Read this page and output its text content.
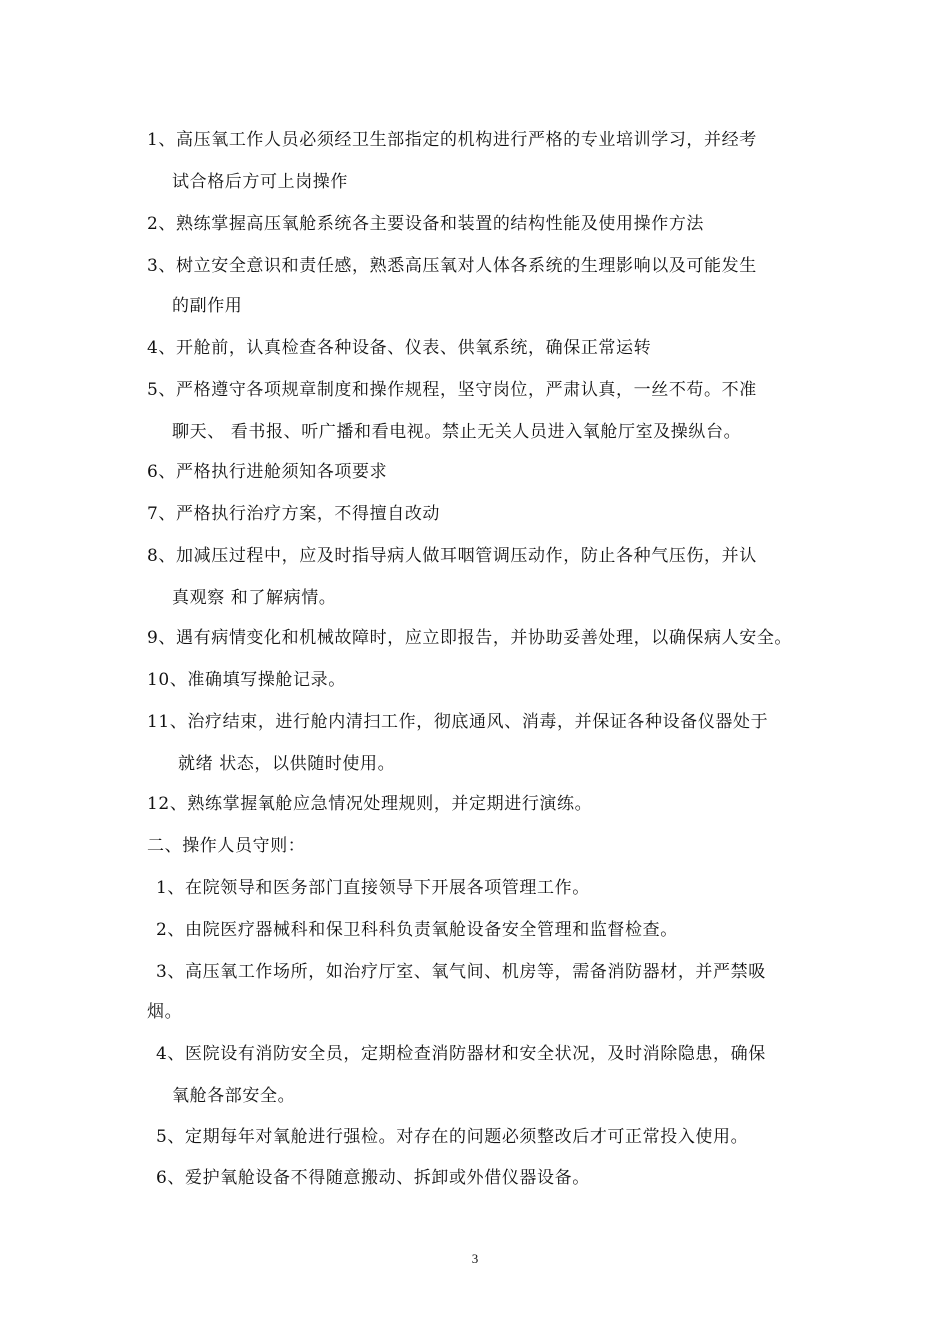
1、高压氧工作人员必须经卫生部指定的机构进行严格的专业培训学习，并经考
试合格后方可上岗操作
2、熟练掌握高压氧舱系统各主要设备和装置的结构性能及使用操作方法
3、树立安全意识和责任感，熟悉高压氧对人体各系统的生理影响以及可能发生
的副作用
4、开舱前，认真检查各种设备、仪表、供氧系统，确保正常运转
5、严格遵守各项规章制度和操作规程，坚守岗位，严肃认真，一丝不苟。不准
聊天、 看书报、听广播和看电视。禁止无关人员进入氧舱厅室及操纵台。
6、严格执行进舱须知各项要求
7、严格执行治疗方案，不得擅自改动
8、加减压过程中，应及时指导病人做耳咽管调压动作，防止各种气压伤，并认
真观察 和了解病情。
9、遇有病情变化和机械故障时，应立即报告，并协助妥善处理，以确保病人安全。
10、准确填写操舱记录。
11、治疗结束，进行舱内清扫工作，彻底通风、消毒，并保证各种设备仪器处于
就绪 状态，以供随时使用。
12、熟练掌握氧舱应急情况处理规则，并定期进行演练。
二、操作人员守则：
1、在院领导和医务部门直接领导下开展各项管理工作。
2、由院医疗器械科和保卫科科负责氧舱设备安全管理和监督检查。
3、高压氧工作场所，如治疗厅室、氧气间、机房等，需备消防器材，并严禁吸
烟。
4、医院设有消防安全员，定期检查消防器材和安全状况，及时消除隐患，确保
氧舱各部安全。
5、定期每年对氧舱进行强检。对存在的问题必须整改后才可正常投入使用。
6、爱护氧舱设备不得随意搬动、拆卸或外借仪器设备。
3
